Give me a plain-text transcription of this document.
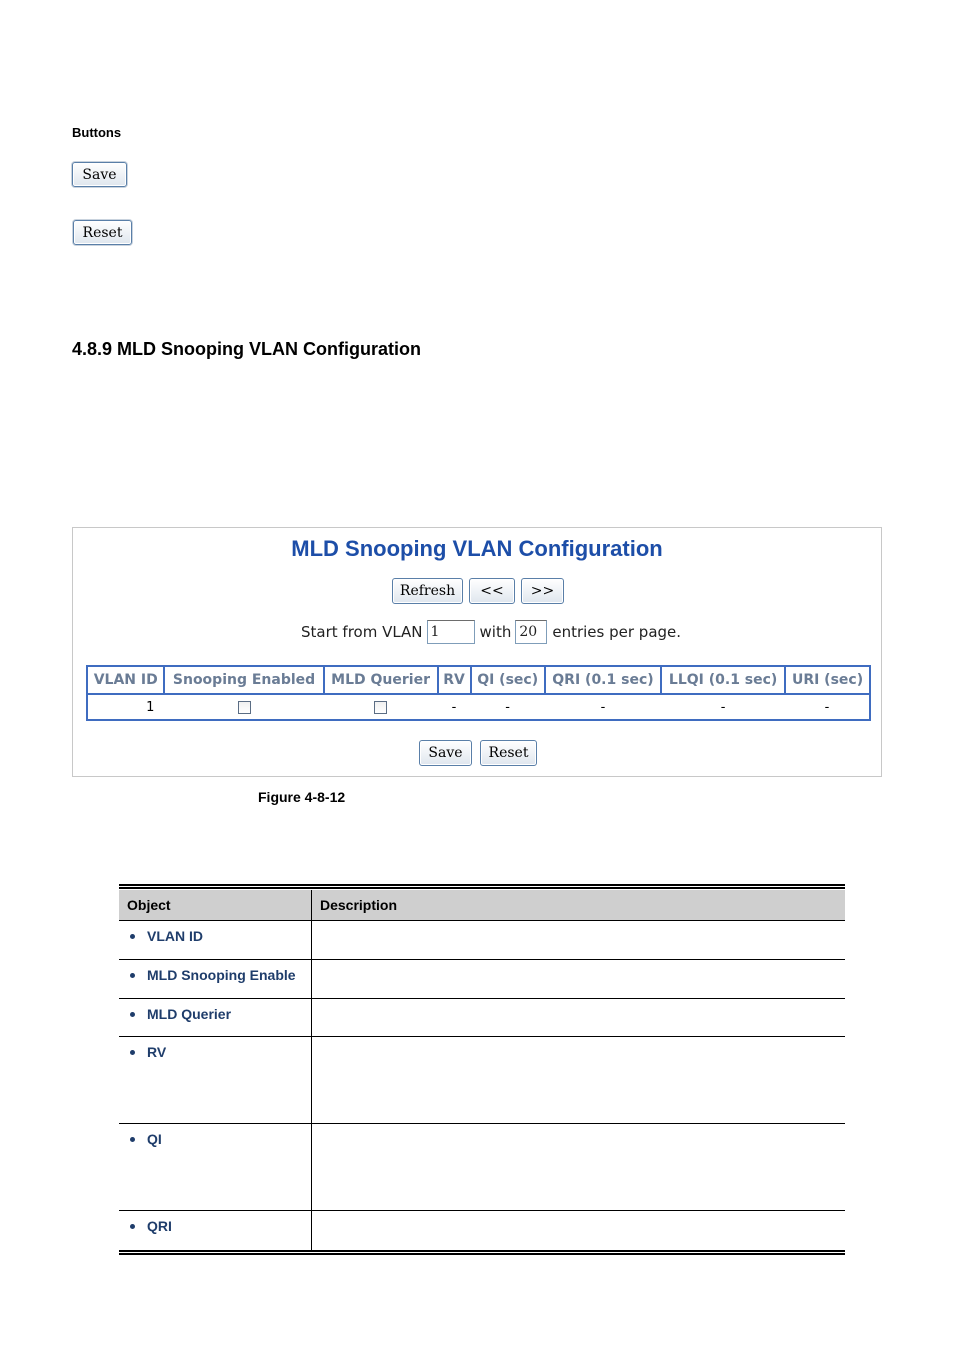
Buttons
Save
Reset
4.8.9 MLD Snooping VLAN Configuration
MLD Snooping VLAN Configuration
Refresh	<<	>>
Start from VLAN 1	with 20	entries per page.
VLAN ID	Snooping Enabled	MLD Querier	RV	QI (sec)	QRI (0.1 sec)	LLQI (0.1 sec)	URI (sec)
1			-	-	-	-	-
Save	Reset
Figure 4-8-12
Object	Description

VLAN ID	

MLD Snooping Enable	

MLD Querier	

RV	

QI	

QRI	
